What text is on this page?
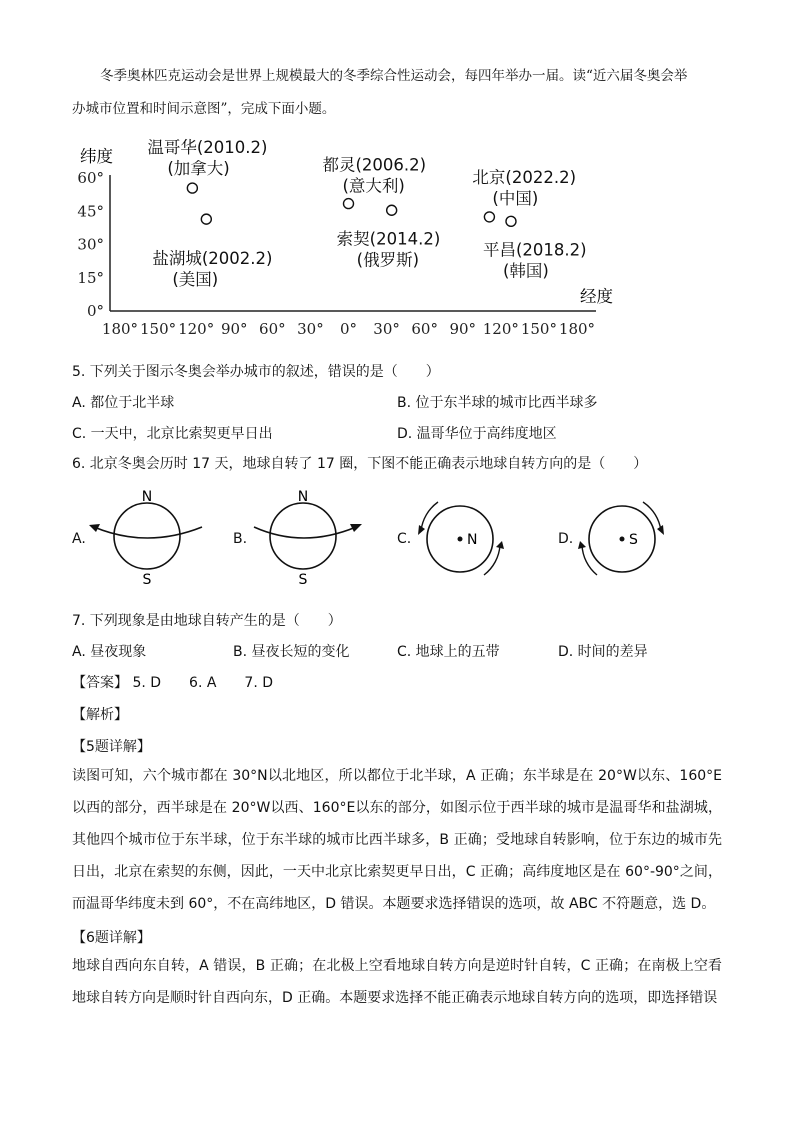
冬季奥林匹克运动会是世界上规模最大的冬季综合性运动会，每四年举办一届。读“近六届冬奥会举
办城市位置和时间示意图”，完成下面小题。
纬度
经度
60°
45°
30°
15°
0°
180° 150° 120° 90° 60° 30° 0° 30° 60° 90° 120° 150° 180°
温哥华(2010.2)
(加拿大)
盐湖城(2002.2)
(美国)
都灵(2006.2)
(意大利)
索契(2014.2)
(俄罗斯)
北京(2022.2)
(中国)
平昌(2018.2)
(韩国)
5. 下列关于图示冬奥会举办城市的叙述，错误的是（　　）
A. 都位于北半球	B. 位于东半球的城市比西半球多
C. 一天中，北京比索契更早日出	D. 温哥华位于高纬度地区
6. 北京冬奥会历时 17 天，地球自转了 17 圈，下图不能正确表示地球自转方向的是（　　）
A.
N
S
B.
N
S
C.	N	D.	S
7. 下列现象是由地球自转产生的是（　　）
A. 昼夜现象	B. 昼夜长短的变化	C. 地球上的五带	D. 时间的差异
【答案】 5. D　　6. A　　7. D
【解析】
【5题详解】
读图可知，六个城市都在 30°N以北地区，所以都位于北半球，A 正确；东半球是在 20°W以东、160°E以西的部分，西半球是在 20°W以西、160°E以东的部分，如图示位于西半球的城市是温哥华和盐湖城，其他四个城市位于东半球，位于东半球的城市比西半球多，B 正确；受地球自转影响，位于东边的城市先日出，北京在索契的东侧，因此，一天中北京比索契更早日出，C 正确；高纬度地区是在 60°-90°之间，而温哥华纬度未到 60°，不在高纬地区，D 错误。本题要求选择错误的选项，故 ABC 不符题意，选 D。
【6题详解】
地球自西向东自转，A 错误，B 正确；在北极上空看地球自转方向是逆时针自转，C 正确；在南极上空看地球自转方向是顺时针自西向东，D 正确。本题要求选择不能正确表示地球自转方向的选项，即选择错误
